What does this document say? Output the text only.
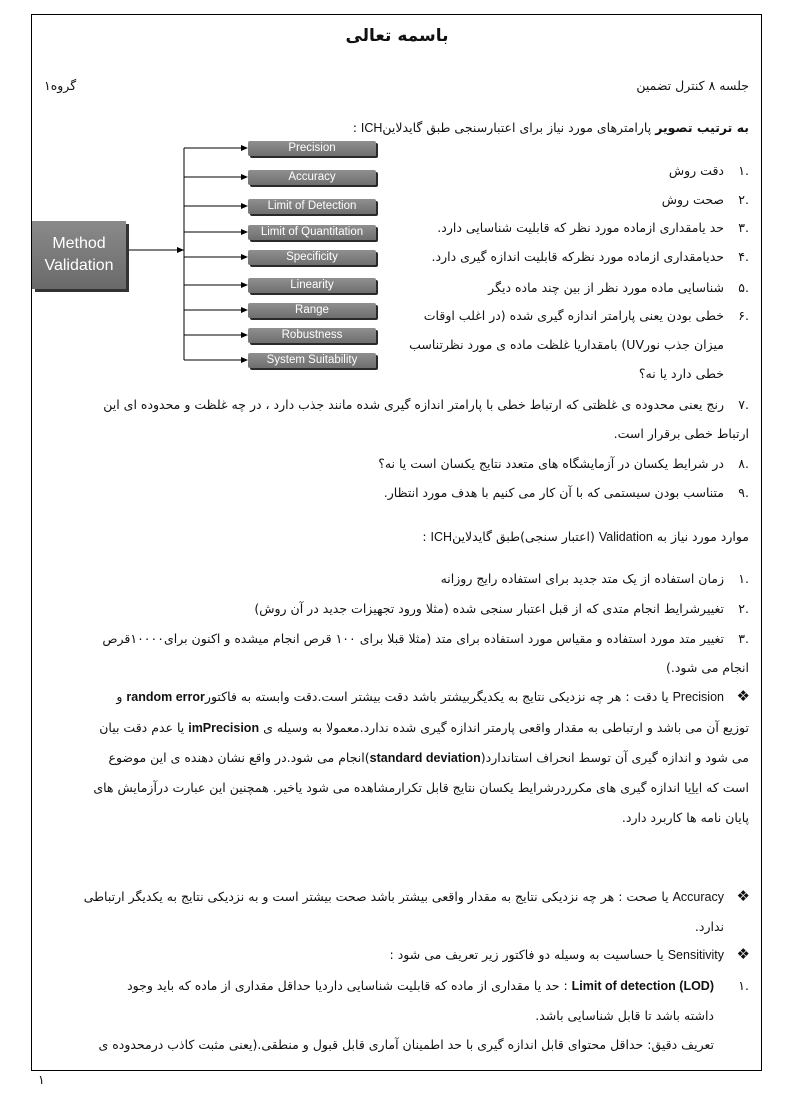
باسمه تعالی
جلسه ۸ کنترل تضمین
گروه۱
به ترتیب تصویر پارامترهای مورد نیاز برای اعتبارسنجی طبق گایدلاینICH :
Method
Validation
Precision
Accuracy
Limit of Detection
Limit of Quantitation
Specificity
Linearity
Range
Robustness
System Suitability
.۱
دقت روش
.۲
صحت روش
.۳
حد یامقداری ازماده مورد نظر که قابلیت شناسایی دارد.
.۴
حدیامقداری ازماده مورد نظرکه قابلیت اندازه گیری دارد.
.۵
شناسایی ماده مورد نظر از بین چند ماده دیگر
.۶
خطی بودن یعنی پارامتر اندازه گیری شده (در اغلب اوقات
میزان جذب نورUV) بامقداریا غلظت ماده ی مورد نظرتناسب
خطی دارد یا نه؟
.۷
رنج یعنی محدوده ی غلظتی که ارتباط خطی با پارامتر اندازه گیری شده مانند جذب دارد ، در چه غلظت و محدوده ای این
ارتباط خطی برقرار است.
.۸
در شرایط یکسان در آزمایشگاه های متعدد نتایج یکسان است یا نه؟
.۹
متناسب بودن سیستمی که با آن کار می کنیم با هدف مورد انتظار.
موارد مورد نیاز به Validation (اعتبار سنجی)طبق گایدلاینICH :
.۱
زمان استفاده از یک متد جدید برای استفاده رایج روزانه
.۲
تغییرشرایط انجام متدی که از قبل اعتبار سنجی شده (مثلا ورود تجهیزات جدید در آن روش)
.۳
تغییر متد مورد استفاده و مقیاس مورد استفاده برای متد (مثلا قبلا برای ۱۰۰ قرص انجام میشده و اکنون برای۱۰۰۰۰قرص
انجام می شود.)
❖
Precision یا دقت : هر چه نزدیکی نتایج به یکدیگربیشتر باشد دقت بیشتر است.دقت وابسته به فاکتورrandom error و
توزیع آن می باشد و ارتباطی به مقدار واقعی پارمتر اندازه گیری شده ندارد.معمولا به وسیله ی imPrecision یا عدم دقت بیان
می شود و اندازه گیری آن توسط انحراف استاندارد(standard deviation)انجام می شود.در واقع نشان دهنده ی این موضوع
است که ایاِیا اندازه گیری های مکرردرشرایط یکسان نتایج قابل تکرارمشاهده می شود یاخیر. همچنین این عبارت درآزمایش های
پایان نامه ها کاربرد دارد.
❖
Accuracy یا صحت : هر چه نزدیکی نتایج به مقدار واقعی بیشتر باشد صحت بیشتر است و به نزدیکی نتایج به یکدیگر ارتباطی
ندارد.
❖
Sensitivity یا حساسیت به وسیله دو فاکتور زیر تعریف می شود :
.۱
Limit of detection (LOD) : حد یا مقداری از ماده که قابلیت شناسایی داردیا حداقل مقداری از ماده که باید وجود
داشته باشد تا قابل شناسایی باشد.
تعریف دقیق: حداقل محتوای قابل اندازه گیری با حد اطمینان آماری قابل قبول و منطقی.(یعنی مثبت کاذب درمحدوده ی
۱
